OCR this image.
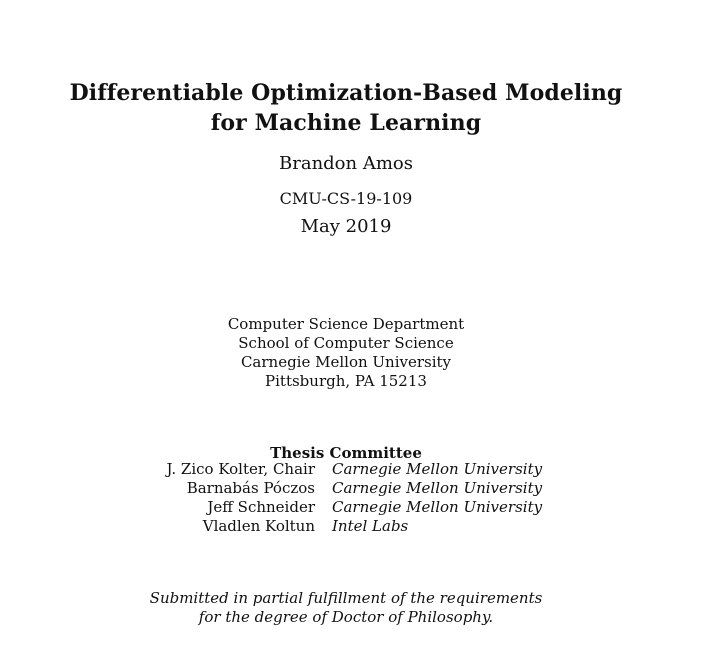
Differentiable Optimization-Based Modeling
for Machine Learning
Brandon Amos
CMU-CS-19-109
May 2019
Computer Science Department
School of Computer Science
Carnegie Mellon University
Pittsburgh, PA 15213
Thesis Committee
J. Zico Kolter, Chair Carnegie Mellon University
Barnabás Póczos Carnegie Mellon University
Jeff Schneider Carnegie Mellon University
Vladlen Koltun Intel Labs
Submitted in partial fulfillment of the requirements
for the degree of Doctor of Philosophy.
